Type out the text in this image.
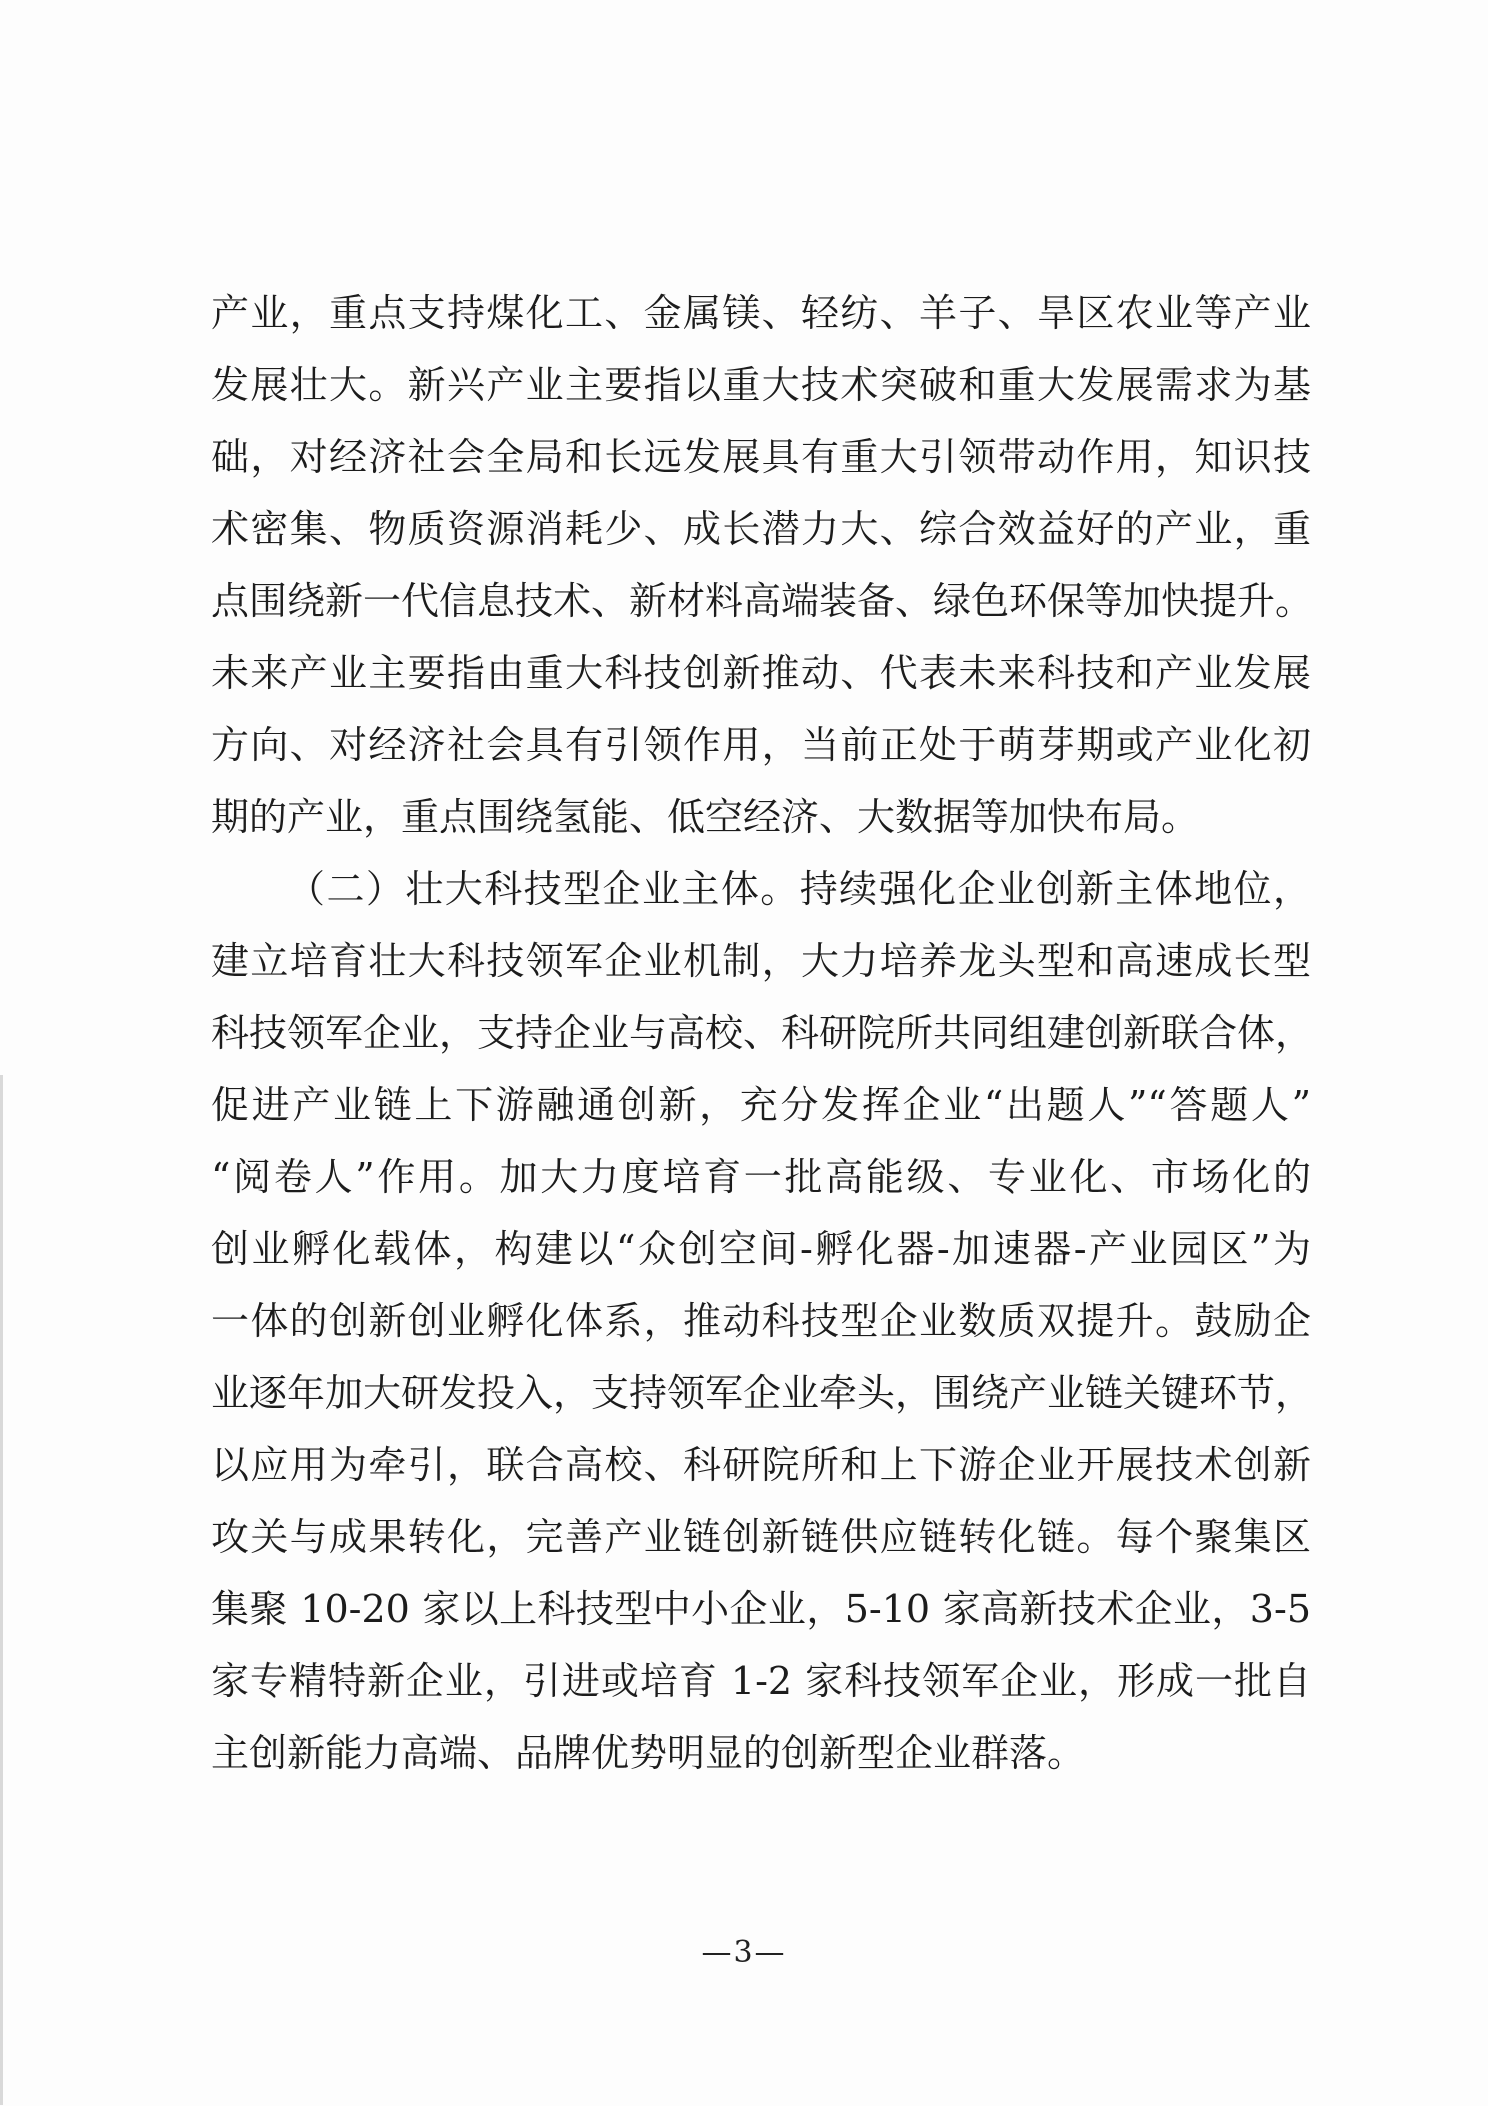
产业，重点支持煤化工、金属镁、轻纺、羊子、旱区农业等产业
发展壮大。新兴产业主要指以重大技术突破和重大发展需求为基
础，对经济社会全局和长远发展具有重大引领带动作用，知识技
术密集、物质资源消耗少、成长潜力大、综合效益好的产业，重
点围绕新一代信息技术、新材料高端装备、绿色环保等加快提升。
未来产业主要指由重大科技创新推动、代表未来科技和产业发展
方向、对经济社会具有引领作用，当前正处于萌芽期或产业化初
期的产业，重点围绕氢能、低空经济、大数据等加快布局。
（二）壮大科技型企业主体。持续强化企业创新主体地位，
建立培育壮大科技领军企业机制，大力培养龙头型和高速成长型
科技领军企业，支持企业与高校、科研院所共同组建创新联合体，
促进产业链上下游融通创新，充分发挥企业“出题人”“答题人”
“阅卷人”作用。加大力度培育一批高能级、专业化、市场化的
创业孵化载体，构建以“众创空间-孵化器-加速器-产业园区”为
一体的创新创业孵化体系，推动科技型企业数质双提升。鼓励企
业逐年加大研发投入，支持领军企业牵头，围绕产业链关键环节，
以应用为牵引，联合高校、科研院所和上下游企业开展技术创新
攻关与成果转化，完善产业链创新链供应链转化链。每个聚集区
集聚 10-20 家以上科技型中小企业，5-10 家高新技术企业，3-5
家专精特新企业，引进或培育 1-2 家科技领军企业，形成一批自
主创新能力高端、品牌优势明显的创新型企业群落。
—3—
